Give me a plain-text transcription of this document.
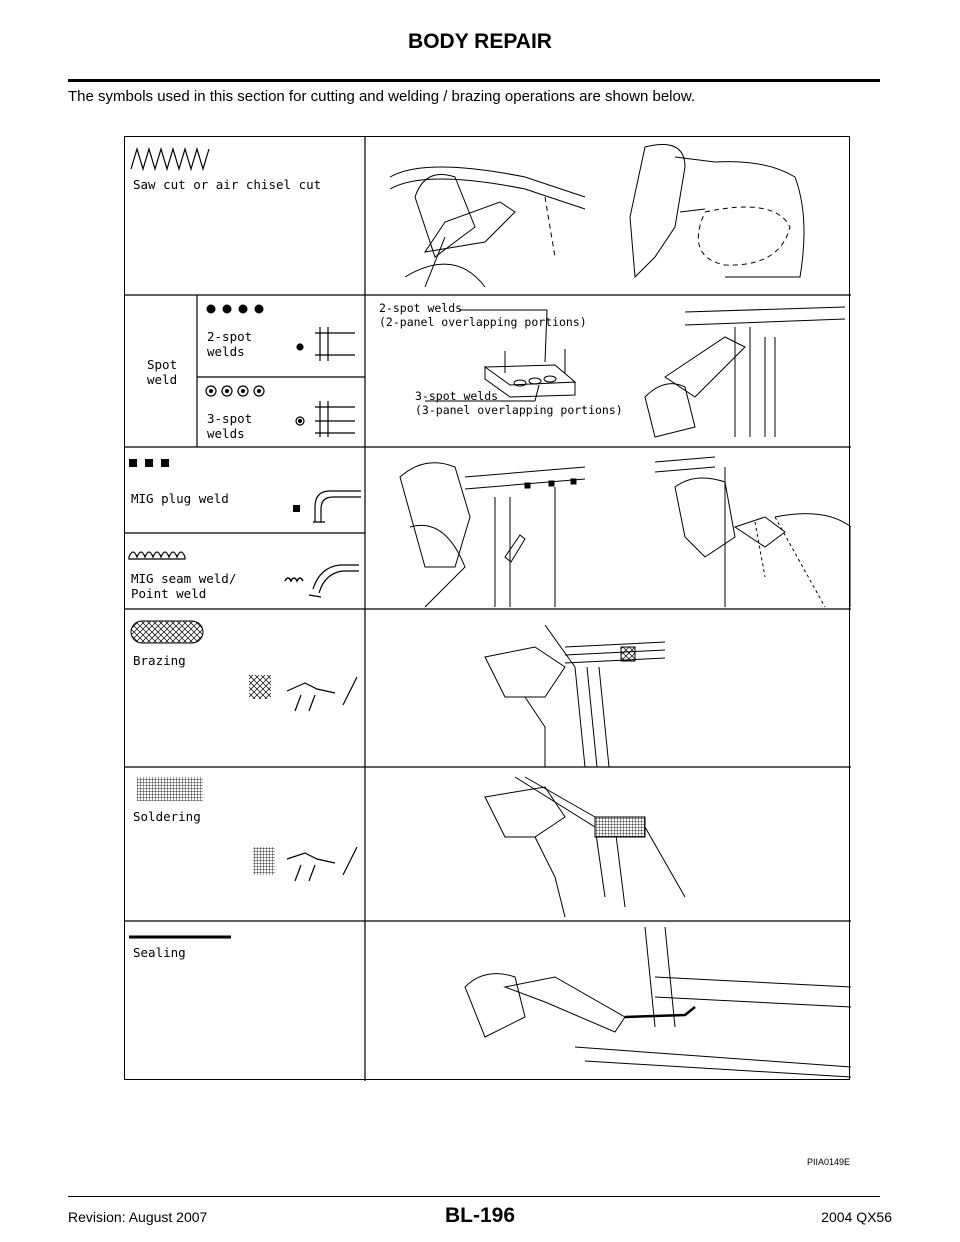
BODY REPAIR
The symbols used in this section for cutting and welding / brazing operations are shown below.
Saw cut or air chisel cut
Spot
weld
2-spot
welds
3-spot
welds
2-spot welds
(2-panel overlapping portions)
3-spot welds
(3-panel overlapping portions)
MIG plug weld
MIG seam weld/
Point weld
Brazing
Soldering
Sealing
PIIA0149E
Revision: August 2007	BL-196	2004 QX56
